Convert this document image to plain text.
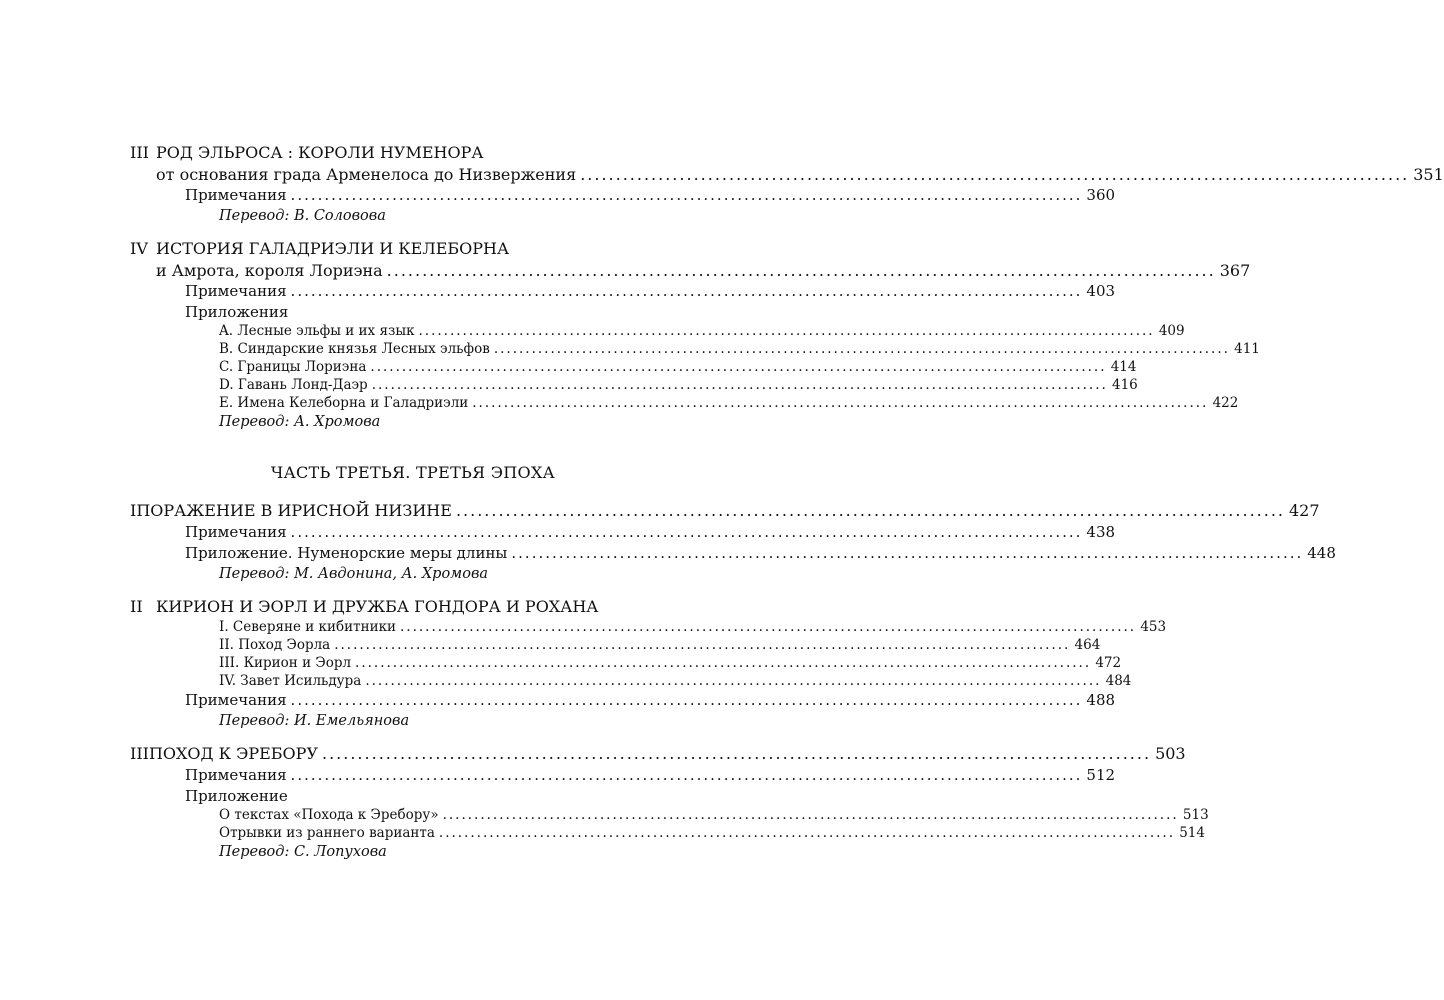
III РОД ЭЛЬРОСА : КОРОЛИ НУМЕНОРА
от основания града Арменелоса до Низвержения ..................................................................................................................... 351
Примечания ..................................................................................................................... 360
Перевод: В. Соловова
IV ИСТОРИЯ ГАЛАДРИЭЛИ И КЕЛЕБОРНА
и Амрота, короля Лориэна ..................................................................................................................... 367
Примечания ..................................................................................................................... 403
Приложения
A. Лесные эльфы и их язык ..................................................................................................................... 409
B. Синдарские князья Лесных эльфов ..................................................................................................................... 411
C. Границы Лориэна ..................................................................................................................... 414
D. Гавань Лонд-Даэр ..................................................................................................................... 416
E. Имена Келеборна и Галадриэли ..................................................................................................................... 422
Перевод: А. Хромова
ЧАСТЬ ТРЕТЬЯ. ТРЕТЬЯ ЭПОХА
I ПОРАЖЕНИЕ В ИРИСНОЙ НИЗИНЕ ..................................................................................................................... 427
Примечания ..................................................................................................................... 438
Приложение. Нуменорские меры длины ..................................................................................................................... 448
Перевод: М. Авдонина, А. Хромова
II КИРИОН И ЭОРЛ И ДРУЖБА ГОНДОРА И РОХАНА
I. Северяне и кибитники ..................................................................................................................... 453
II. Поход Эорла ..................................................................................................................... 464
III. Кирион и Эорл ..................................................................................................................... 472
IV. Завет Исильдура ..................................................................................................................... 484
Примечания ..................................................................................................................... 488
Перевод: И. Емельянова
III ПОХОД К ЭРЕБОРУ ..................................................................................................................... 503
Примечания ..................................................................................................................... 512
Приложение
О текстах «Похода к Эребору» ..................................................................................................................... 513
Отрывки из раннего варианта ..................................................................................................................... 514
Перевод: С. Лопухова
